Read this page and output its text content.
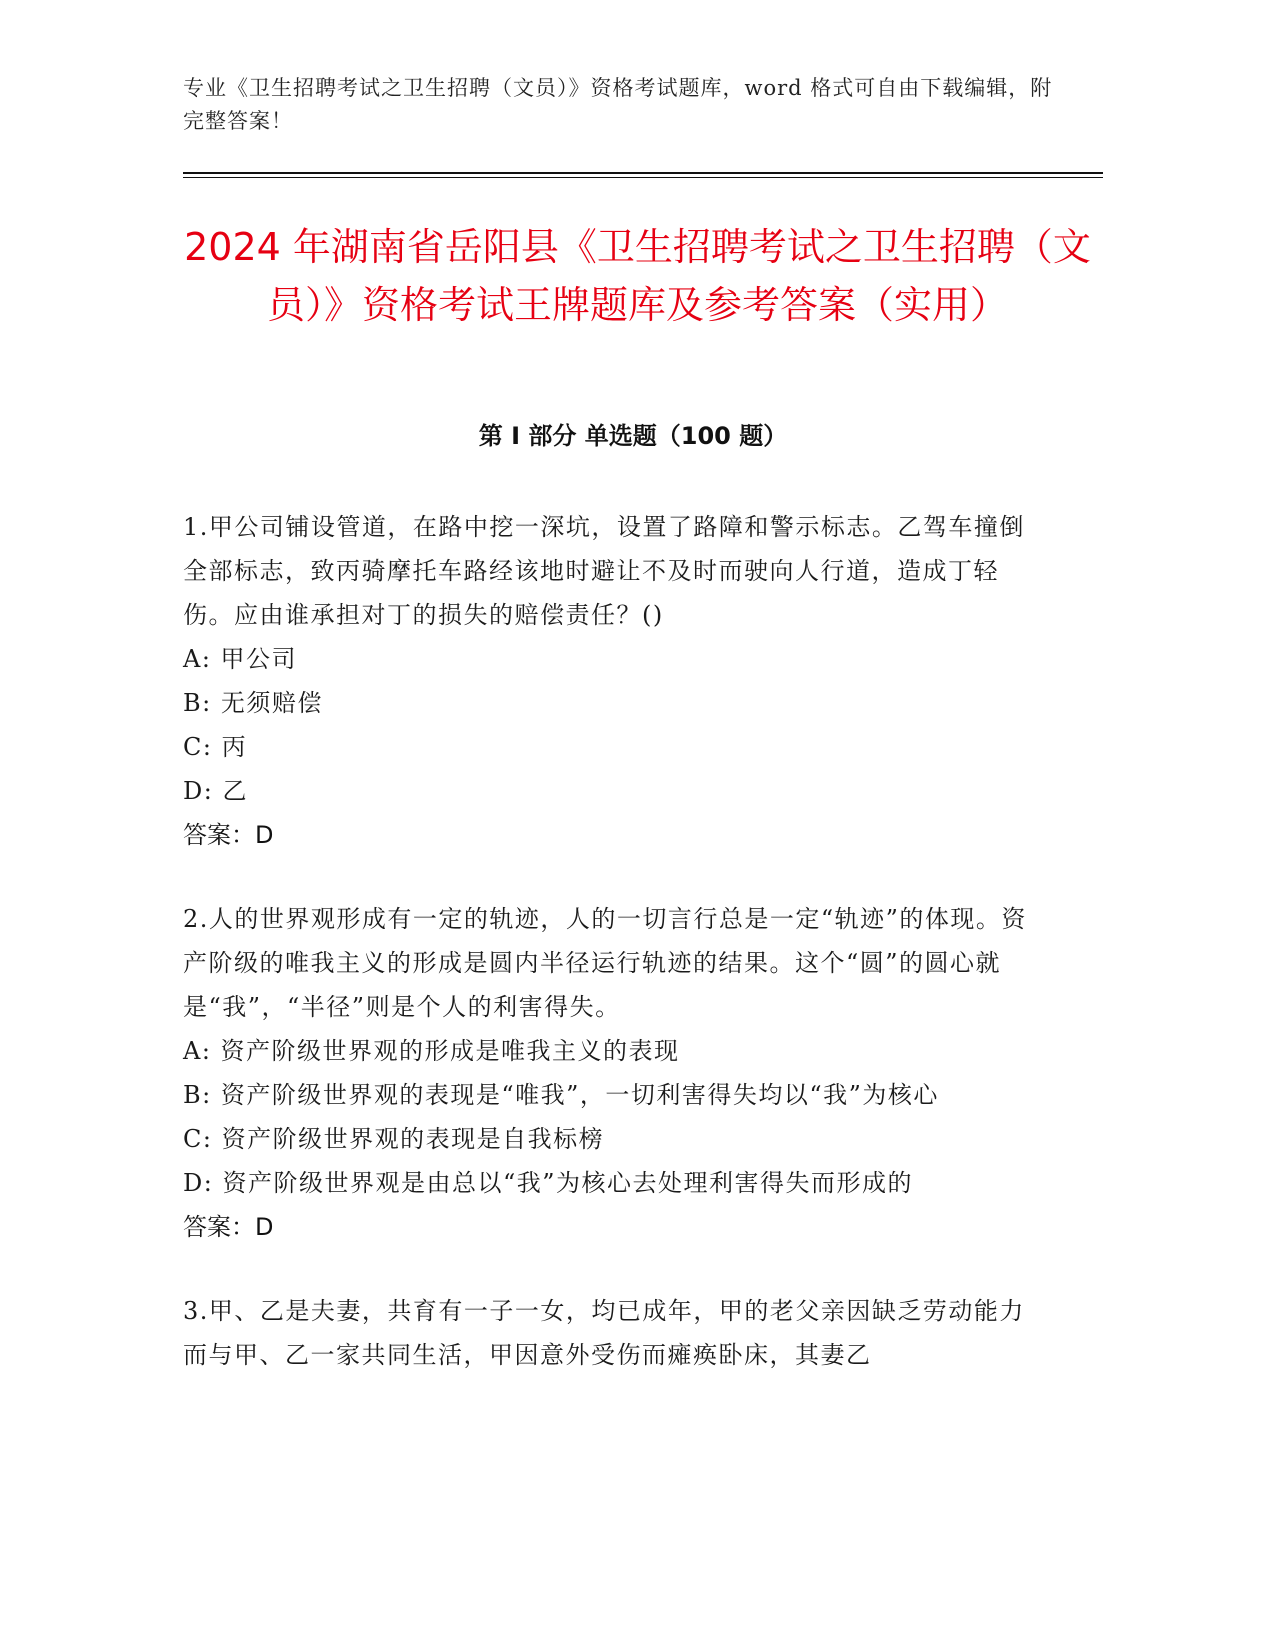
专业《卫生招聘考试之卫生招聘（文员）》资格考试题库，word 格式可自由下载编辑，附完整答案！
2024 年湖南省岳阳县《卫生招聘考试之卫生招聘（文员）》资格考试王牌题库及参考答案（实用）
第 I 部分 单选题（100 题）

1.甲公司铺设管道，在路中挖一深坑，设置了路障和警示标志。乙驾车撞倒全部标志，致丙骑摩托车路经该地时避让不及时而驶向人行道，造成丁轻伤。应由谁承担对丁的损失的赔偿责任？()

A: 甲公司

B: 无须赔偿

C: 丙

D: 乙

答案：D

2.人的世界观形成有一定的轨迹，人的一切言行总是一定“轨迹”的体现。资产阶级的唯我主义的形成是圆内半径运行轨迹的结果。这个“圆”的圆心就是“我”，“半径”则是个人的利害得失。

A: 资产阶级世界观的形成是唯我主义的表现

B: 资产阶级世界观的表现是“唯我”，一切利害得失均以“我”为核心

C: 资产阶级世界观的表现是自我标榜

D: 资产阶级世界观是由总以“我”为核心去处理利害得失而形成的

答案：D

3.甲、乙是夫妻，共育有一子一女，均已成年，甲的老父亲因缺乏劳动能力而与甲、乙一家共同生活，甲因意外受伤而瘫痪卧床，其妻乙
